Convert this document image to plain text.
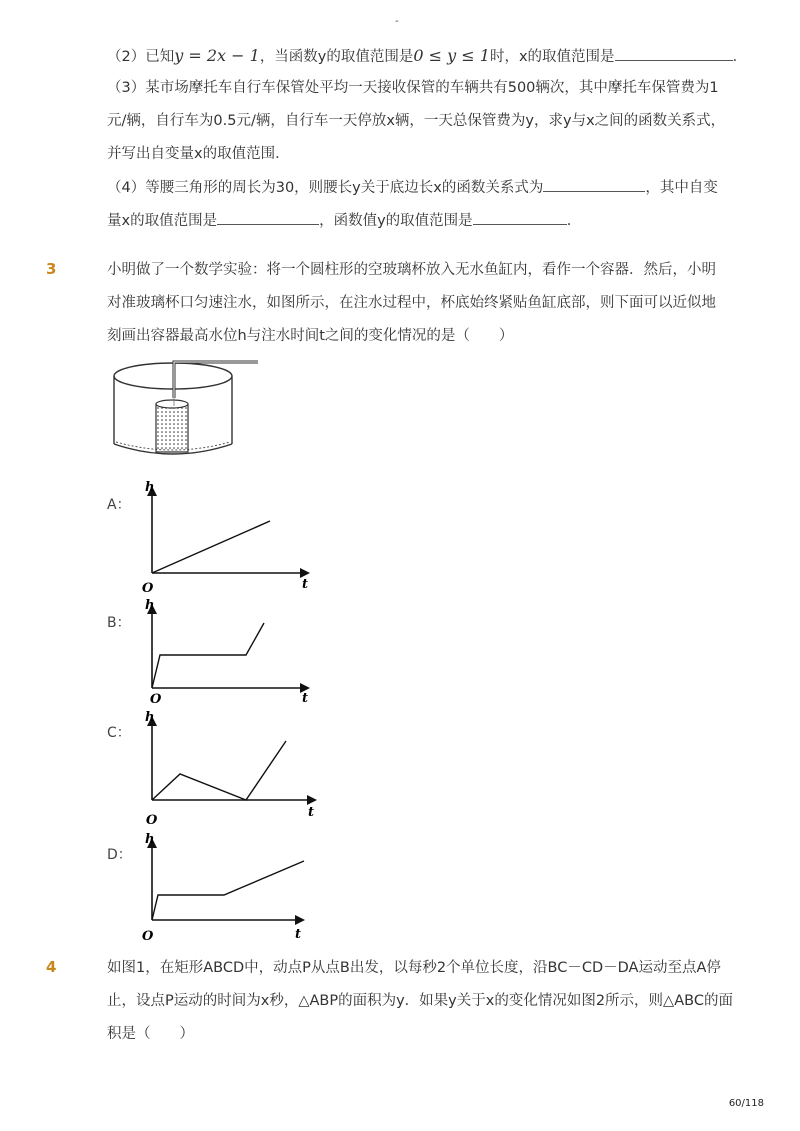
-
（2）已知y = 2x − 1，当函数y的取值范围是0 ≤ y ≤ 1时，x的取值范围是	．
（3）某市场摩托车自行车保管处平均一天接收保管的车辆共有500辆次，其中摩托车保管费为1
元/辆，自行车为0.5元/辆，自行车一天停放x辆，一天总保管费为y，求y与x之间的函数关系式，
并写出自变量x的取值范围．
（4）等腰三角形的周长为30，则腰长y关于底边长x的函数关系式为	，其中自变
量x的取值范围是	，函数值y的取值范围是	．
3	小明做了一个数学实验：将一个圆柱形的空玻璃杯放入无水鱼缸内，看作一个容器．然后，小明
对准玻璃杯口匀速注水，如图所示，在注水过程中，杯底始终紧贴鱼缸底部，则下面可以近似地
刻画出容器最高水位h与注水时间t之间的变化情况的是（　　）
A：
h
t
O
B：
h
t
O
C：
h
t
O
D：
h
t
O
4	如图1，在矩形ABCD中，动点P从点B出发，以每秒2个单位长度，沿BC－CD－DA运动至点A停
止，设点P运动的时间为x秒，△ABP的面积为y．如果y关于x的变化情况如图2所示，则△ABC的面
积是（　　）
60/118
